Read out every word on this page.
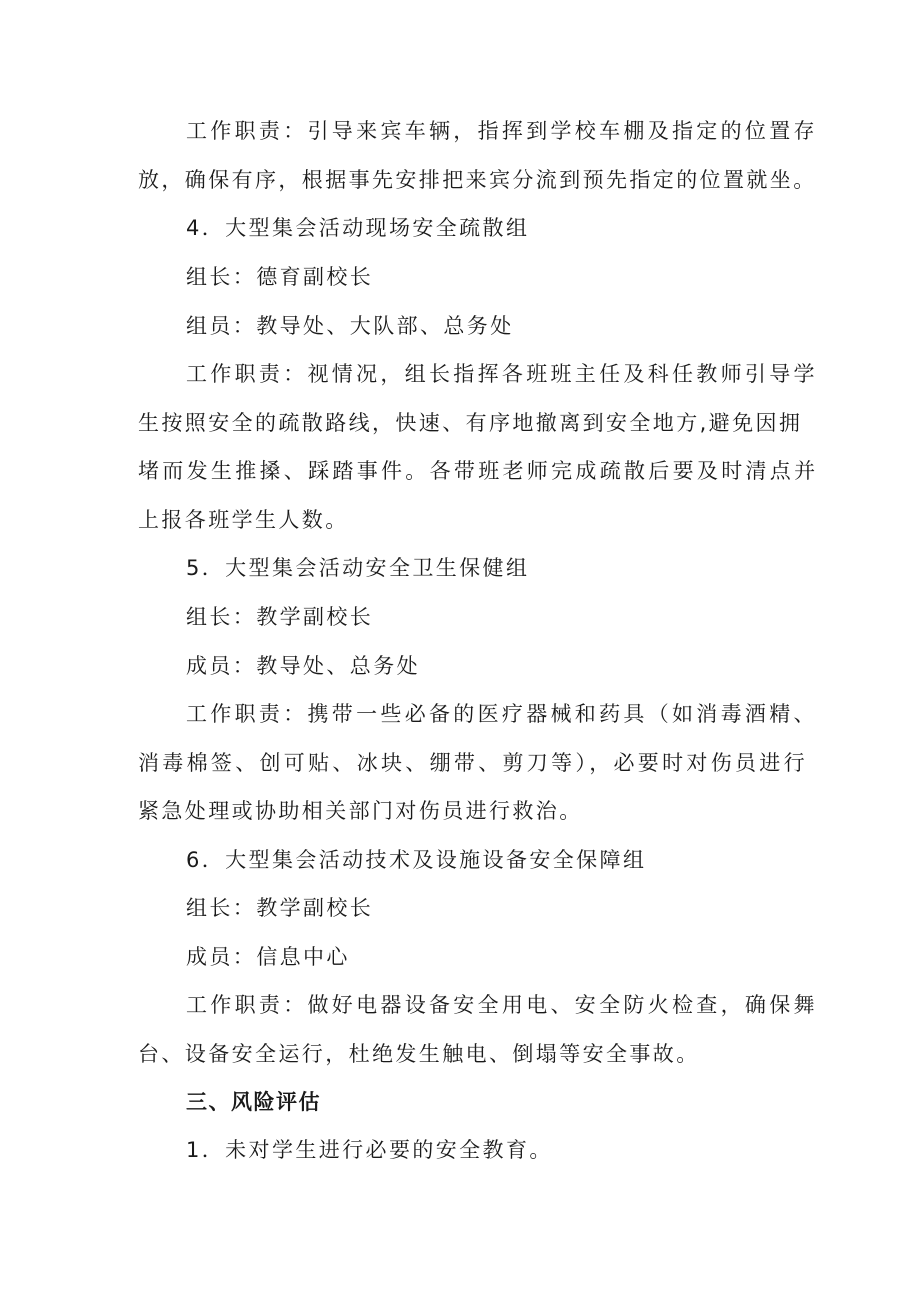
工作职责：引导来宾车辆，指挥到学校车棚及指定的位置存

放，确保有序，根据事先安排把来宾分流到预先指定的位置就坐。

4．大型集会活动现场安全疏散组

组长：德育副校长

组员：教导处、大队部、总务处

工作职责：视情况，组长指挥各班班主任及科任教师引导学

生按照安全的疏散路线，快速、有序地撤离到安全地方,避免因拥

堵而发生推搡、踩踏事件。各带班老师完成疏散后要及时清点并

上报各班学生人数。

5．大型集会活动安全卫生保健组

组长：教学副校长

成员：教导处、总务处

工作职责：携带一些必备的医疗器械和药具（如消毒酒精、

消毒棉签、创可贴、冰块、绷带、剪刀等），必要时对伤员进行

紧急处理或协助相关部门对伤员进行救治。

6．大型集会活动技术及设施设备安全保障组

组长：教学副校长

成员：信息中心

工作职责：做好电器设备安全用电、安全防火检查，确保舞

台、设备安全运行，杜绝发生触电、倒塌等安全事故。

三、风险评估

1．未对学生进行必要的安全教育。
